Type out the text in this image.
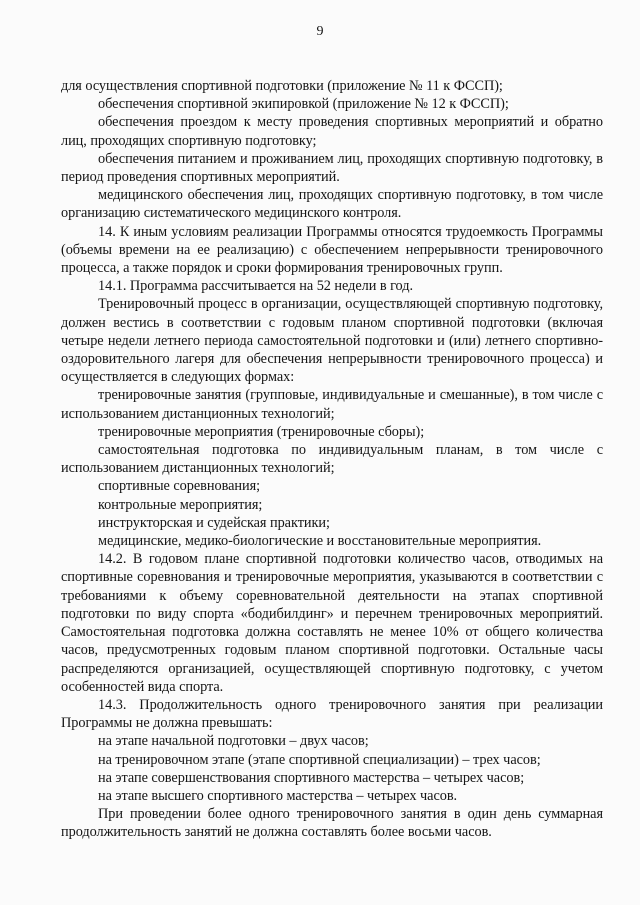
9

для осуществления спортивной подготовки (приложение № 11 к ФССП);

обеспечения спортивной экипировкой (приложение № 12 к ФССП);

обеспечения проездом к месту проведения спортивных мероприятий и обратно лиц, проходящих спортивную подготовку;

обеспечения питанием и проживанием лиц, проходящих спортивную подготовку, в период проведения спортивных мероприятий.

медицинского обеспечения лиц, проходящих спортивную подготовку, в том числе организацию систематического медицинского контроля.

14. К иным условиям реализации Программы относятся трудоемкость Программы (объемы времени на ее реализацию) с обеспечением непрерывности тренировочного процесса, а также порядок и сроки формирования тренировочных групп.

14.1. Программа рассчитывается на 52 недели в год.

Тренировочный процесс в организации, осуществляющей спортивную подготовку, должен вестись в соответствии с годовым планом спортивной подготовки (включая четыре недели летнего периода самостоятельной подготовки и (или) летнего спортивно-оздоровительного лагеря для обеспечения непрерывности тренировочного процесса) и осуществляется в следующих формах:

тренировочные занятия (групповые, индивидуальные и смешанные), в том числе с использованием дистанционных технологий;

тренировочные мероприятия (тренировочные сборы);

самостоятельная подготовка по индивидуальным планам, в том числе с использованием дистанционных технологий;

спортивные соревнования;

контрольные мероприятия;

инструкторская и судейская практики;

медицинские, медико-биологические и восстановительные мероприятия.

14.2. В годовом плане спортивной подготовки количество часов, отводимых на спортивные соревнования и тренировочные мероприятия, указываются в соответствии с требованиями к объему соревновательной деятельности на этапах спортивной подготовки по виду спорта «бодибилдинг» и перечнем тренировочных мероприятий. Самостоятельная подготовка должна составлять не менее 10% от общего количества часов, предусмотренных годовым планом спортивной подготовки. Остальные часы распределяются организацией, осуществляющей спортивную подготовку, с учетом особенностей вида спорта.

14.3. Продолжительность одного тренировочного занятия при реализации Программы не должна превышать:

на этапе начальной подготовки – двух часов;

на тренировочном этапе (этапе спортивной специализации) – трех часов;

на этапе совершенствования спортивного мастерства – четырех часов;

на этапе высшего спортивного мастерства – четырех часов.

При проведении более одного тренировочного занятия в один день суммарная продолжительность занятий не должна составлять более восьми часов.
